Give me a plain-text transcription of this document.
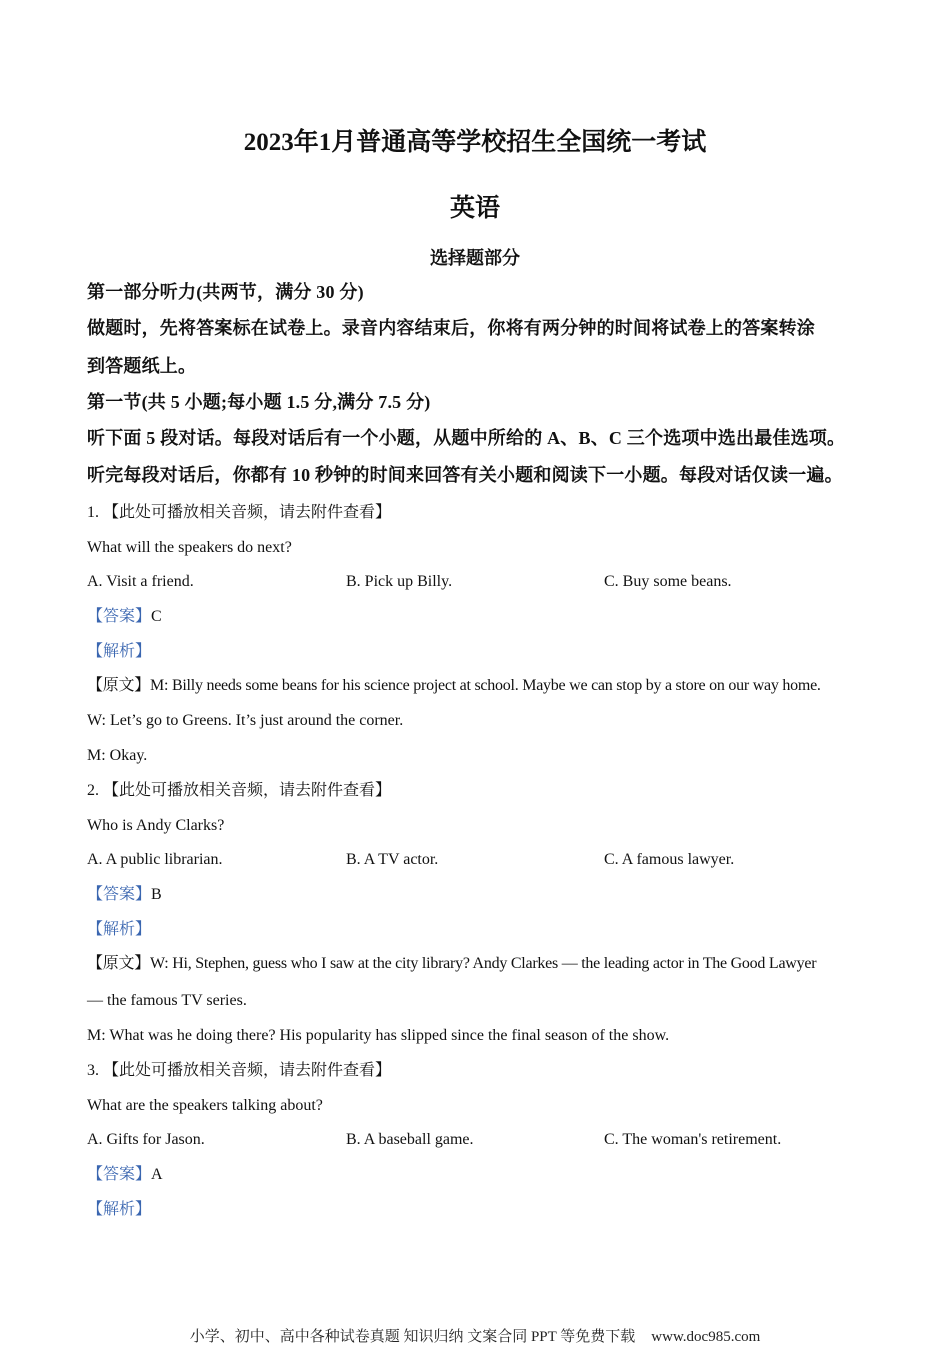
2023年1月普通高等学校招生全国统一考试
英语
选择题部分
第一部分听力(共两节，满分 30 分)
做题时，先将答案标在试卷上。录音内容结束后，你将有两分钟的时间将试卷上的答案转涂
到答题纸上。
第一节(共 5 小题;每小题 1.5 分,满分 7.5 分)
听下面 5 段对话。每段对话后有一个小题，从题中所给的 A、B、C 三个选项中选出最佳选项。
听完每段对话后，你都有 10 秒钟的时间来回答有关小题和阅读下一小题。每段对话仅读一遍。
1. 【此处可播放相关音频，请去附件查看】
What will the speakers do next?
A. Visit a friend.	B. Pick up Billy.	C. Buy some beans.
【答案】C
【解析】
【原文】M: Billy needs some beans for his science project at school. Maybe we can stop by a store on our way home.
W: Let’s go to Greens. It’s just around the corner.
M: Okay.
2. 【此处可播放相关音频，请去附件查看】
Who is Andy Clarks?
A. A public librarian.	B. A TV actor.	C. A famous lawyer.
【答案】B
【解析】
【原文】W: Hi, Stephen, guess who I saw at the city library? Andy Clarkes — the leading actor in The Good Lawyer
— the famous TV series.
M: What was he doing there? His popularity has slipped since the final season of the show.
3. 【此处可播放相关音频，请去附件查看】
What are the speakers talking about?
A. Gifts for Jason.	B. A baseball game.	C. The woman's retirement.
【答案】A
【解析】
小学、初中、高中各种试卷真题 知识归纳 文案合同 PPT 等免费下载 www.doc985.com
